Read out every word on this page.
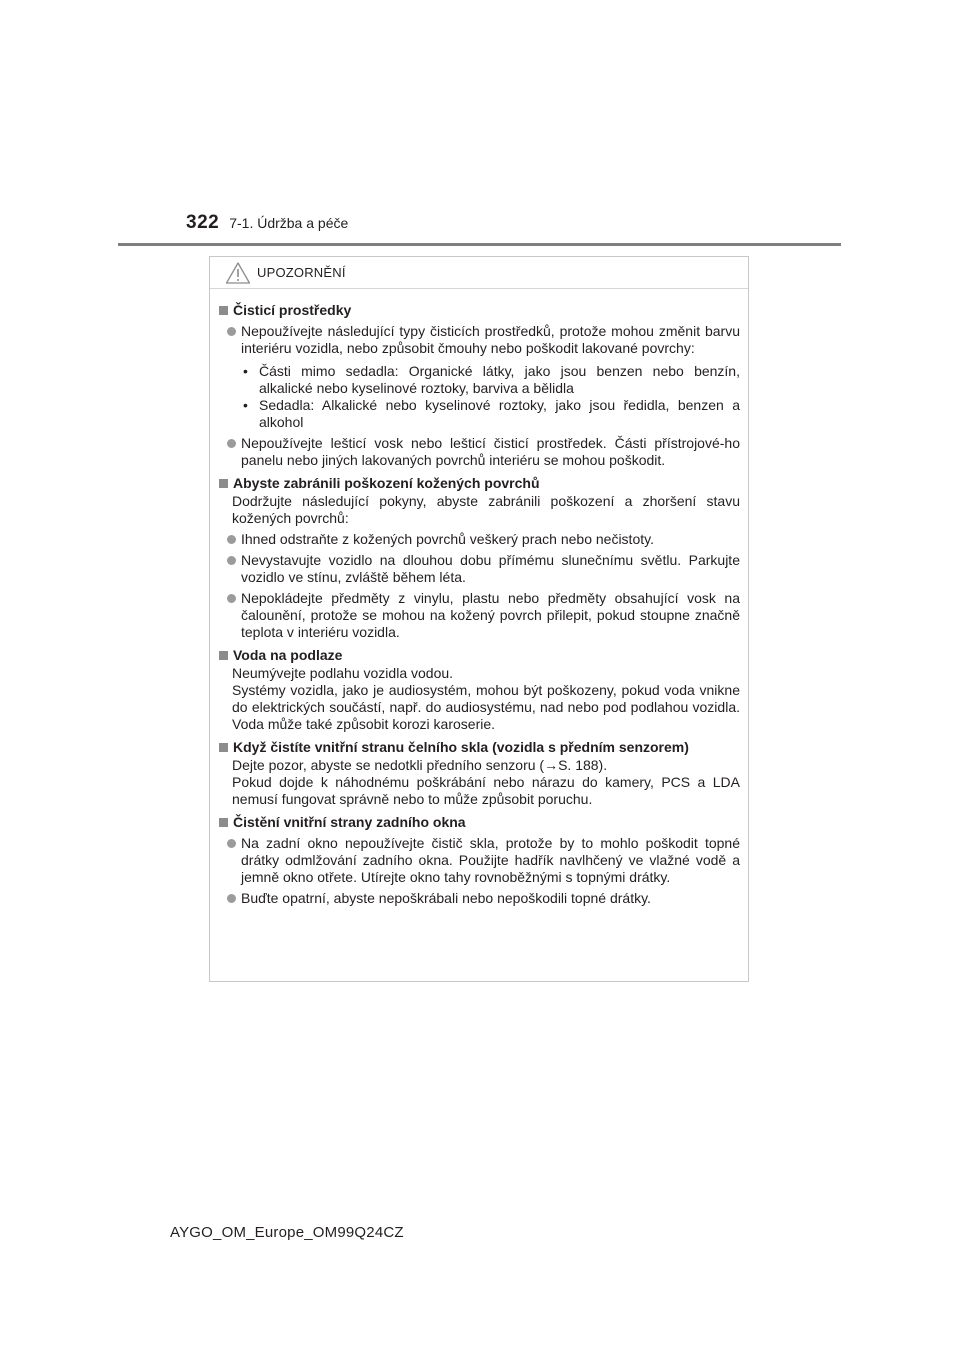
322 7-1. Údržba a péče
UPOZORNĚNÍ
Čisticí prostředky
Nepoužívejte následující typy čisticích prostředků, protože mohou změnit barvu interiéru vozidla, nebo způsobit čmouhy nebo poškodit lakované povrchy:
• Části mimo sedadla: Organické látky, jako jsou benzen nebo benzín, alkalické nebo kyselinové roztoky, barviva a bělidla
• Sedadla: Alkalické nebo kyselinové roztoky, jako jsou ředidla, benzen a alkohol
Nepoužívejte lešticí vosk nebo lešticí čisticí prostředek. Části přístrojové-ho panelu nebo jiných lakovaných povrchů interiéru se mohou poškodit.
Abyste zabránili poškození kožených povrchů
Dodržujte následující pokyny, abyste zabránili poškození a zhoršení stavu kožených povrchů:
Ihned odstraňte z kožených povrchů veškerý prach nebo nečistoty.
Nevystavujte vozidlo na dlouhou dobu přímému slunečnímu světlu. Parkujte vozidlo ve stínu, zvláště během léta.
Nepokládejte předměty z vinylu, plastu nebo předměty obsahující vosk na čalounění, protože se mohou na kožený povrch přilepit, pokud stoupne značně teplota v interiéru vozidla.
Voda na podlaze
Neumývejte podlahu vozidla vodou.
Systémy vozidla, jako je audiosystém, mohou být poškozeny, pokud voda vnikne do elektrických součástí, např. do audiosystému, nad nebo pod podlahou vozidla. Voda může také způsobit korozi karoserie.
Když čistíte vnitřní stranu čelního skla (vozidla s předním senzorem)
Dejte pozor, abyste se nedotkli předního senzoru (→S. 188).
Pokud dojde k náhodnému poškrábání nebo nárazu do kamery, PCS a LDA nemusí fungovat správně nebo to může způsobit poruchu.
Čistění vnitřní strany zadního okna
Na zadní okno nepoužívejte čistič skla, protože by to mohlo poškodit topné drátky odmlžování zadního okna. Použijte hadřík navlhčený ve vlažné vodě a jemně okno otřete. Utírejte okno tahy rovnoběžnými s topnými drátky.
Buďte opatrní, abyste nepoškrábali nebo nepoškodili topné drátky.
AYGO_OM_Europe_OM99Q24CZ
